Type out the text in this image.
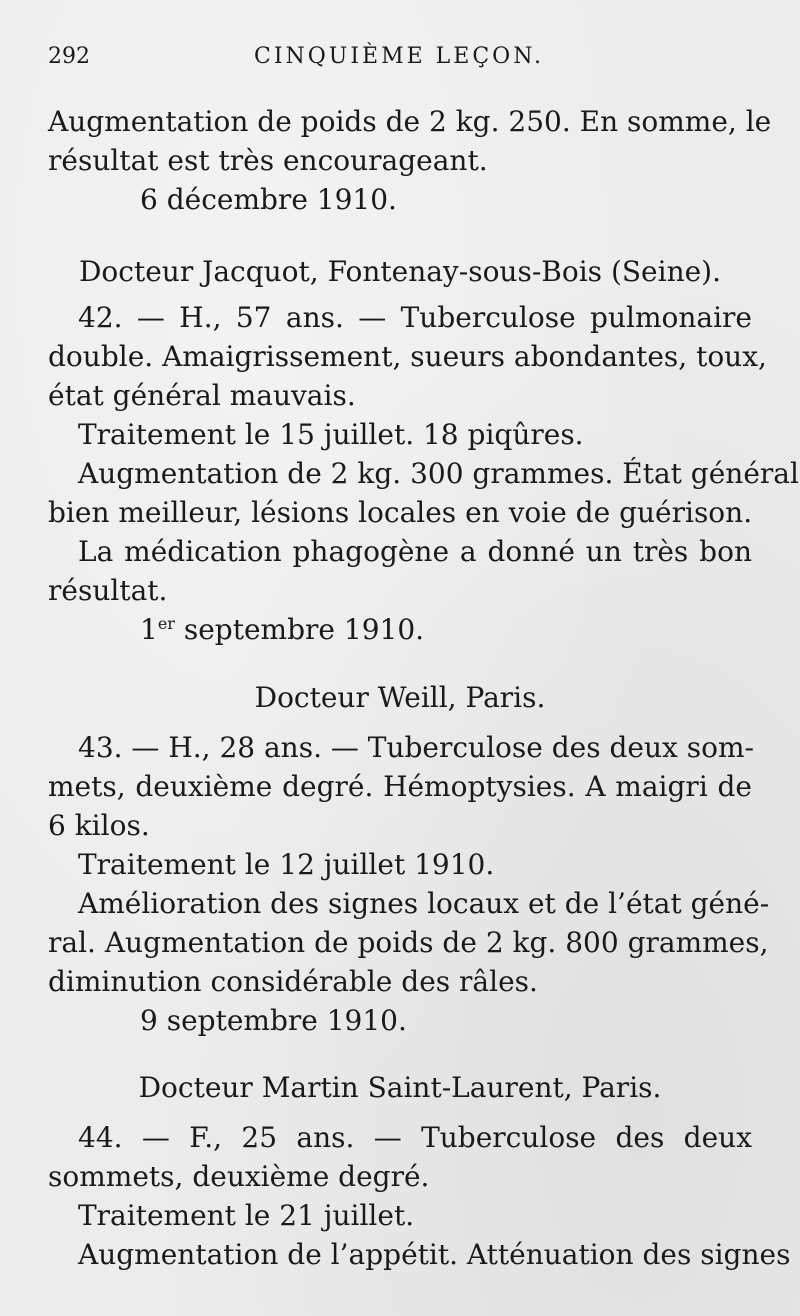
292	CINQUIÈME LEÇON.
Augmentation de poids de 2 kg. 250. En somme, le
résultat est très encourageant.
6 décembre 1910.
Docteur Jacquot, Fontenay-sous-Bois (Seine).
42. — H., 57 ans. — Tuberculose pulmonaire
double. Amaigrissement, sueurs abondantes, toux,
état général mauvais.
Traitement le 15 juillet. 18 piqûres.
Augmentation de 2 kg. 300 grammes. État général
bien meilleur, lésions locales en voie de guérison.
La médication phagogène a donné un très bon
résultat.
1er septembre 1910.
Docteur Weill, Paris.
43. — H., 28 ans. — Tuberculose des deux som-
mets, deuxième degré. Hémoptysies. A maigri de
6 kilos.
Traitement le 12 juillet 1910.
Amélioration des signes locaux et de l’état géné-
ral. Augmentation de poids de 2 kg. 800 grammes,
diminution considérable des râles.
9 septembre 1910.
Docteur Martin Saint-Laurent, Paris.
44. — F., 25 ans. — Tuberculose des deux
sommets, deuxième degré.
Traitement le 21 juillet.
Augmentation de l’appétit. Atténuation des signes
